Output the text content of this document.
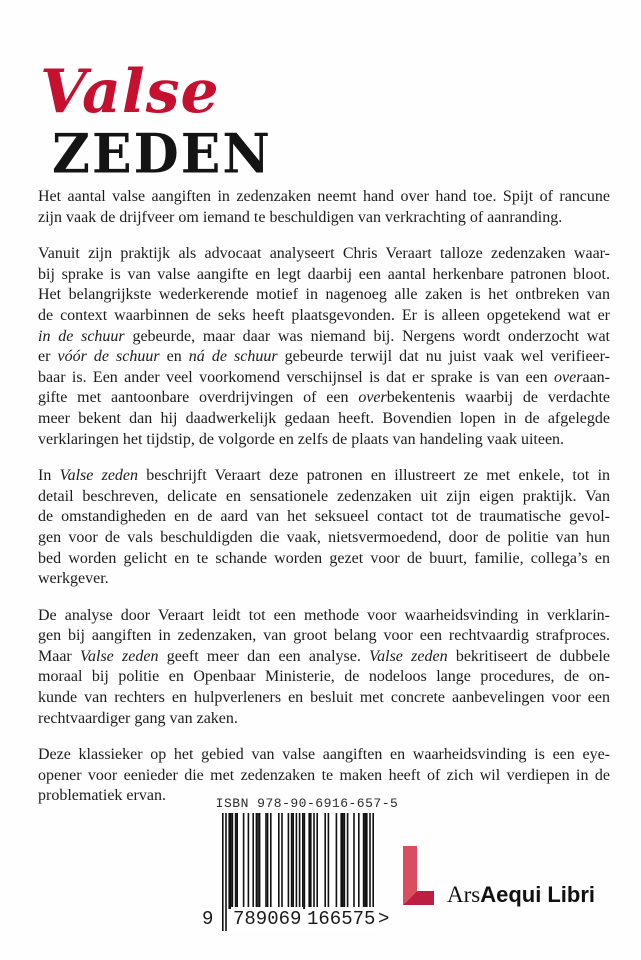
Valse
ZEDEN
Het aantal valse aangiften in zedenzaken neemt hand over hand toe. Spijt of rancune
zijn vaak de drijfveer om iemand te beschuldigen van verkrachting of aanranding.
Vanuit zijn praktijk als advocaat analyseert Chris Veraart talloze zedenzaken waar-
bij sprake is van valse aangifte en legt daarbij een aantal herkenbare patronen bloot.
Het belangrijkste wederkerende motief in nagenoeg alle zaken is het ontbreken van
de context waarbinnen de seks heeft plaatsgevonden. Er is alleen opgetekend wat er
in de schuur gebeurde, maar daar was niemand bij. Nergens wordt onderzocht wat
er vóór de schuur en ná de schuur gebeurde terwijl dat nu juist vaak wel verifieer-
baar is. Een ander veel voorkomend verschijnsel is dat er sprake is van een overaan-
gifte met aantoonbare overdrijvingen of een overbekentenis waarbij de verdachte
meer bekent dan hij daadwerkelijk gedaan heeft. Bovendien lopen in de afgelegde
verklaringen het tijdstip, de volgorde en zelfs de plaats van handeling vaak uiteen.
In Valse zeden beschrijft Veraart deze patronen en illustreert ze met enkele, tot in
detail beschreven, delicate en sensationele zedenzaken uit zijn eigen praktijk. Van
de omstandigheden en de aard van het seksueel contact tot de traumatische gevol-
gen voor de vals beschuldigden die vaak, nietsvermoedend, door de politie van hun
bed worden gelicht en te schande worden gezet voor de buurt, familie, collega’s en
werkgever.
De analyse door Veraart leidt tot een methode voor waarheidsvinding in verklarin-
gen bij aangiften in zedenzaken, van groot belang voor een rechtvaardig strafproces.
Maar Valse zeden geeft meer dan een analyse. Valse zeden bekritiseert de dubbele
moraal bij politie en Openbaar Ministerie, de nodeloos lange procedures, de on-
kunde van rechters en hulpverleners en besluit met concrete aanbevelingen voor een
rechtvaardiger gang van zaken.
Deze klassieker op het gebied van valse aangiften en waarheidsvinding is een eye-
opener voor eenieder die met zedenzaken te maken heeft of zich wil verdiepen in de
problematiek ervan.	ISBN 978-90-6916-657-5
9 789069 166575 >
ArsAequi Libri
